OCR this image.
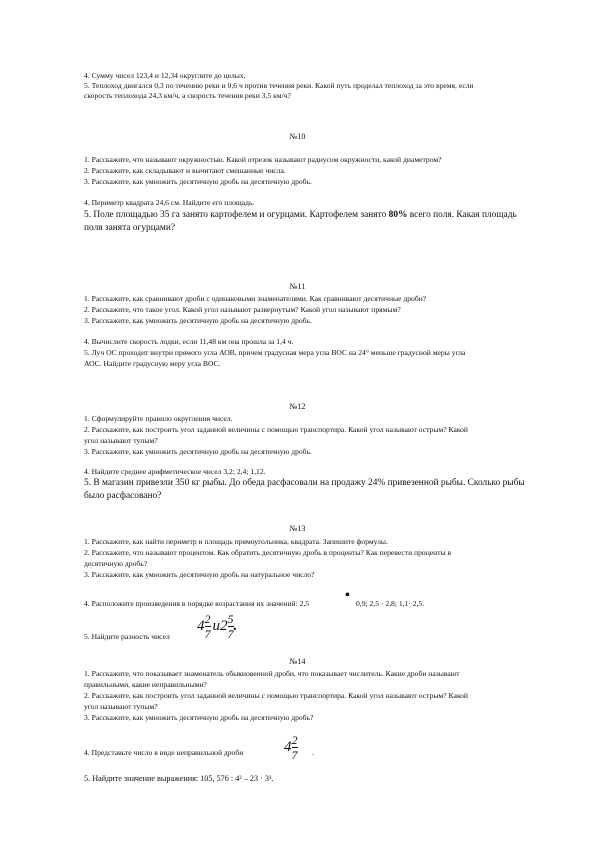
4. Сумму чисел 123,4 и 12,34 округлите до целых.
5. Теплоход двигался 0,3 по течению реки и 0,6 ч против течения реки. Какой путь проделал теплоход за это время, если
скорость теплохода 24,3 км/ч, а скорость течения реки 3,5 км/ч?
№10
1. Расскажите, что называют окружностью. Какой отрезок называют радиусом окружности, какой диаметром?
2. Расскажите, как складывают и вычитают смешанные числа.
3. Расскажите, как умножить десятичную дробь на десятичную дробь.
4. Периметр квадрата 24,6 см. Найдите его площадь.
5. Поле площадью 35 га занято картофелем и огурцами. Картофелем занято 80% всего поля. Какая площадь
поля занята огурцами?
№11
1. Расскажите, как сравнивают дроби с одинаковыми знаменателями. Как сравнивают десятичные дроби?
2. Расскажите, что такое угол. Какой угол называют развернутым? Какой угол называют прямым?
3. Расскажите, как умножить десятичную дробь на десятичную дробь.
4. Вычислите скорость лодки, если 11,48 км она прошла за 1,4 ч.
5. Луч ОС проходит внутри прямого угла АОВ, причем градусная мера угла ВОС на 24° меньше градусной меры угла
АОС. Найдите градусную меру угла ВОС.
№12
1. Сформулируйте правило округления чисел.
2. Расскажите, как построить угол заданной величины с помощью транспортира. Какой угол называют острым? Какой
угол называют тупым?
3. Расскажите, как умножить десятичную дробь на десятичную дробь.
4. Найдите среднее арифметическое чисел 3,2; 2,4; 1,12.
5. В магазин привезли 350 кг рыбы. До обеда расфасовали на продажу 24% привезенной рыбы. Сколько рыбы
было расфасовано?
№13
1. Расскажите, как найти периметр и площадь прямоугольника, квадрата. Запишите формулы.
2. Расскажите, что называют процентом. Как обратить десятичную дробь в проценты? Как перевести проценты в
десятичную дробь?
3. Расскажите, как умножить десятичную дробь на натуральное число?
4. Расположите произведения в порядке возрастания их значений: 2,5
•
0,9; 2,5 · 2,8; 1,1· 2,5.
5. Найдите разность чисел
$4 \frac{2}{7} и2 \frac{5}{7}$ .
№14
1. Расскажите, что показывает знаменатель обыкновенной дроби, что показывает числитель. Какие дроби называют
правильными, какие неправильными?
2. Расскажите, как построить угол заданной величины с помощью транспортира. Какой угол называют острым? Какой
угол называют тупым?
3. Расскажите, как умножить десятичную дробь на десятичную дробь?
4. Представьте число в виде неправильной дроби	$4 \frac{2}{7}$ .
5. Найдите значение выражения: 105, 576 : 4² – 23 · 3³.
